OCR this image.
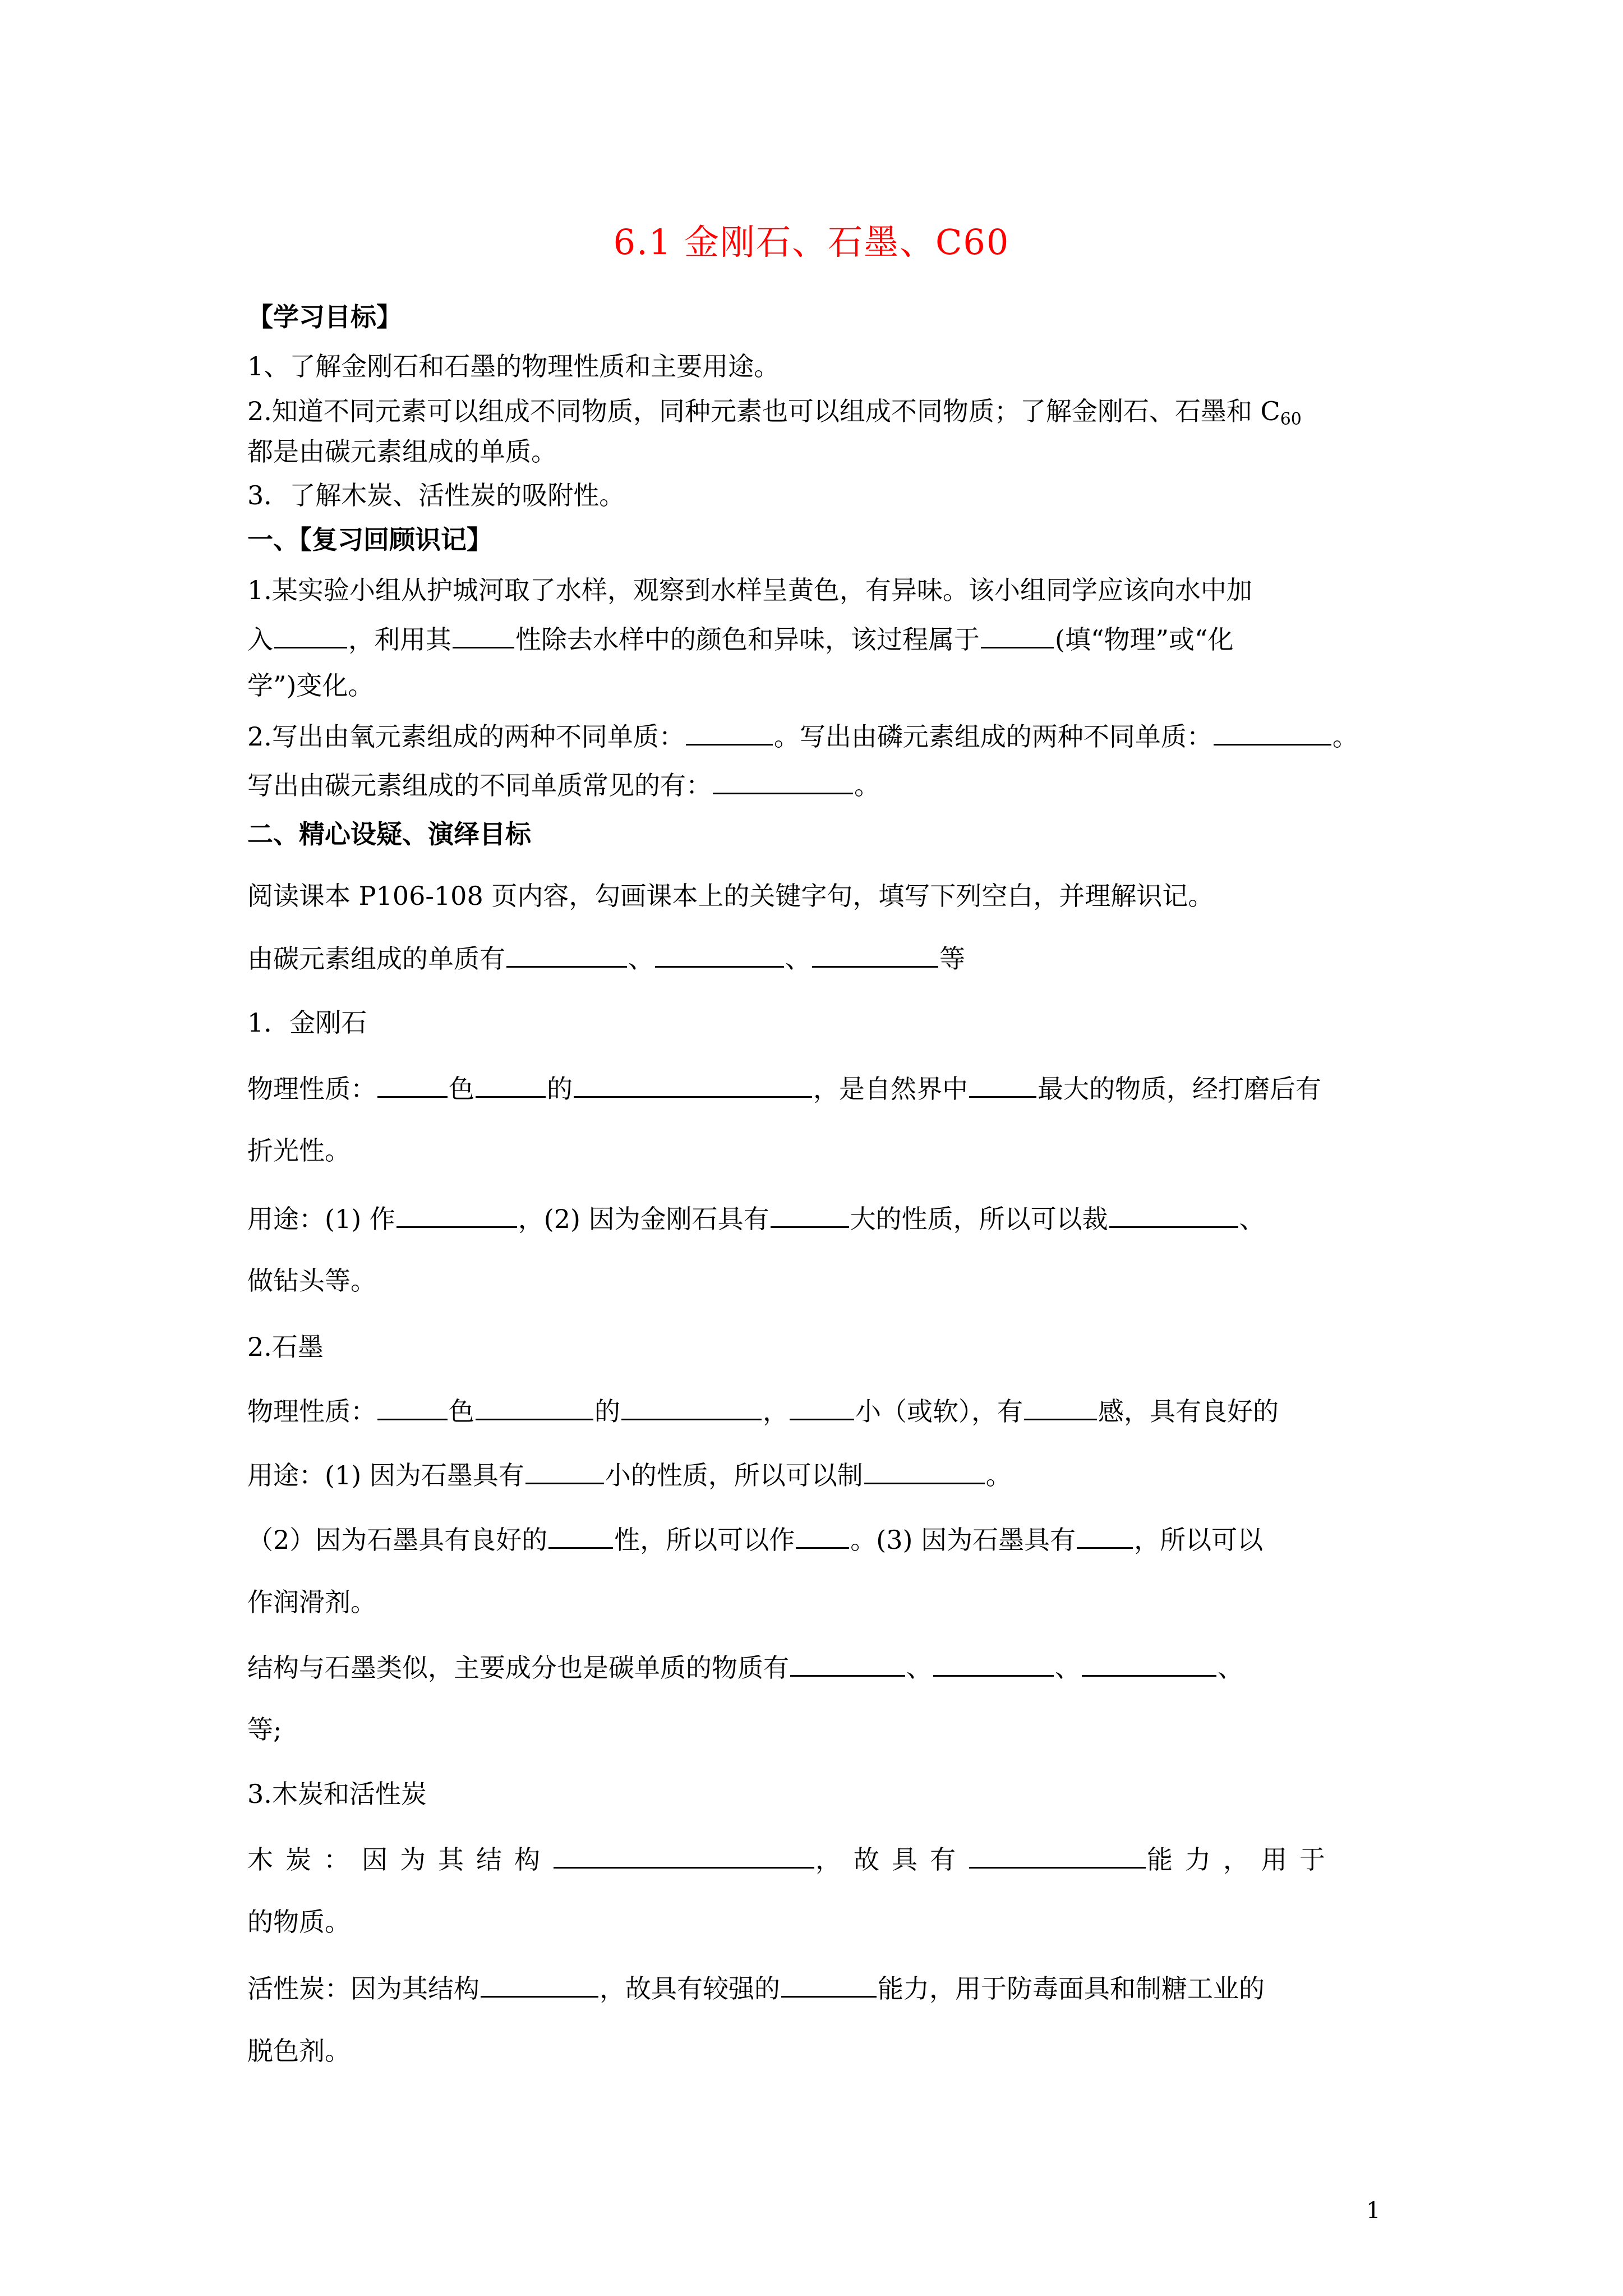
6.1 金刚石、石墨、C60
【学习目标】
1、了解金刚石和石墨的物理性质和主要用途。
2.知道不同元素可以组成不同物质，同种元素也可以组成不同物质；了解金刚石、石墨和 $C_{60}$
都是由碳元素组成的单质。
3．了解木炭、活性炭的吸附性。
一、【复习回顾识记】
1.某实验小组从护城河取了水样，观察到水样呈黄色，有异味。该小组同学应该向水中加
入	，利用其 性除去水样中的颜色和异味，该过程属于	(填“物理”或“化
学”)变化。
2.写出由氧元素组成的两种不同单质：	。写出由磷元素组成的两种不同单质：	。
写出由碳元素组成的不同单质常见的有：	。
二、精心设疑、演绎目标
阅读课本 P106-108 页内容，勾画课本上的关键字句，填写下列空白，并理解识记。
由碳元素组成的单质有	、	、	等
1．金刚石
物理性质：	色	的	，是自然界中	最大的物质，经打磨后有
折光性。
用途：(1) 作	，(2) 因为金刚石具有	大的性质，所以可以裁	、
做钻头等。
2.石墨
物理性质：	色	的	，	小（或软），有	感，具有良好的
用途：(1) 因为石墨具有	小的性质，所以可以制	。
（2）因为石墨具有良好的	性，所以可以作 。(3) 因为石墨具有 ，所以可以
作润滑剂。
结构与石墨类似，主要成分也是碳单质的物质有	、	、	、
等;
3.木炭和活性炭
木炭：因为其结构	，故具有	能力，用于
的物质。
活性炭：因为其结构	，故具有较强的	能力，用于防毒面具和制糖工业的
脱色剂。
1
